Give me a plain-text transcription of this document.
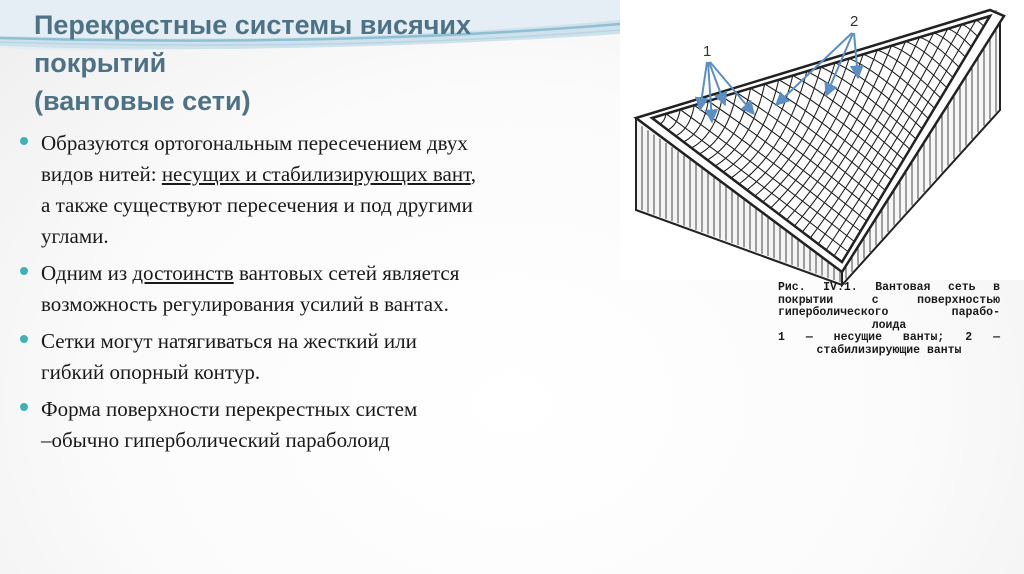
Перекрестные системы висячих
покрытий
(вантовые сети)
Образуются ортогональным пересечением двух
видов нитей: несущих и стабилизирующих вант,
а также существуют пересечения и под другими
углами.
Одним из достоинств вантовых сетей является
возможность регулирования усилий в вантах.
Сетки могут натягиваться на жесткий или
гибкий опорный контур.
Форма поверхности перекрестных систем
–обычно гиперболический параболоид
1
2
Рис. IV.1. Вантовая сеть в
покрытии с поверхностью
гиперболического парабо-
лоида
1 — несущие ванты; 2 —
стабилизирующие ванты
